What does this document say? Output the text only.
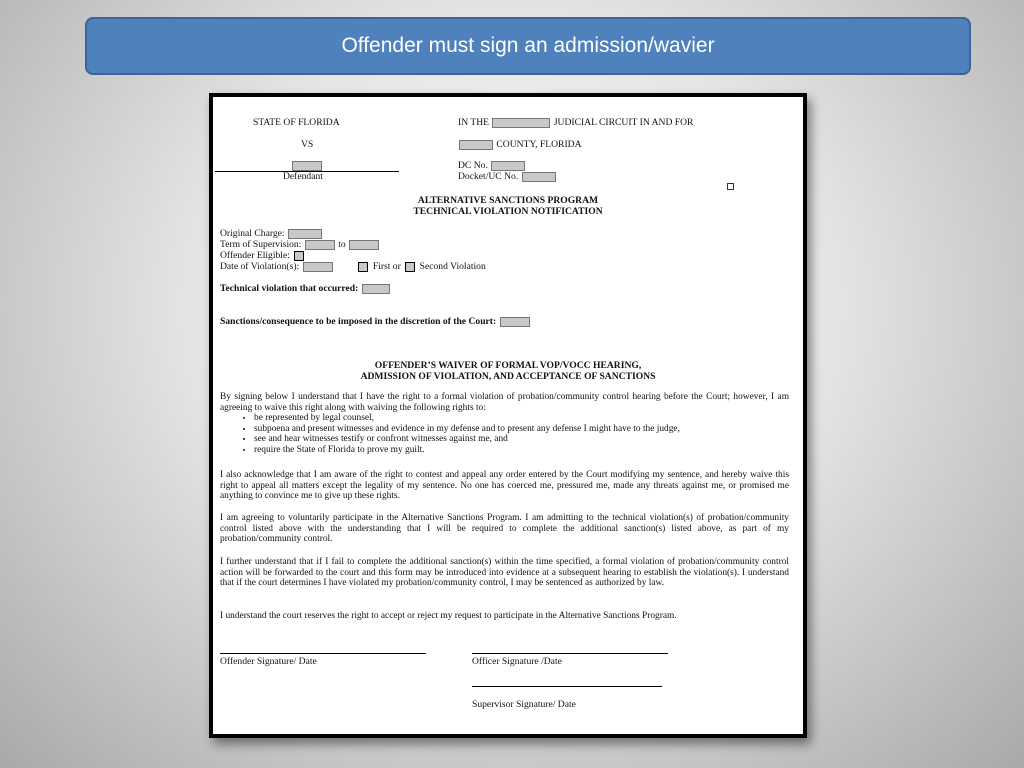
Offender must sign an admission/wavier
STATE OF FLORIDA	IN THE	JUDICIAL CIRCUIT IN AND FOR
VS	COUNTY, FLORIDA
Defendant
DC No.
Docket/UC No.
ALTERNATIVE SANCTIONS PROGRAM
TECHNICAL VIOLATION NOTIFICATION
Original Charge:
Term of Supervision:	to
Offender Eligible:
Date of Violation(s):	First or Second Violation
Technical violation that occurred:
Sanctions/consequence to be imposed in the discretion of the Court:
OFFENDER’S WAIVER OF FORMAL VOP/VOCC HEARING,
ADMISSION OF VIOLATION, AND ACCEPTANCE OF SANCTIONS
By signing below I understand that I have the right to a formal violation of probation/community control hearing before the Court; however, I am agreeing to waive this right along with waiving the following rights to:
• be represented by legal counsel,
• subpoena and present witnesses and evidence in my defense and to present any defense I might have to the judge,
• see and hear witnesses testify or confront witnesses against me, and
• require the State of Florida to prove my guilt.
I also acknowledge that I am aware of the right to contest and appeal any order entered by the Court modifying my sentence, and hereby waive this right to appeal all matters except the legality of my sentence. No one has coerced me, pressured me, made any threats against me, or promised me anything to convince me to give up these rights.
I am agreeing to voluntarily participate in the Alternative Sanctions Program. I am admitting to the technical violation(s) of probation/community control listed above with the understanding that I will be required to complete the additional sanction(s) listed above, as part of my probation/community control.
I further understand that if I fail to complete the additional sanction(s) within the time specified, a formal violation of probation/community control action will be forwarded to the court and this form may be introduced into evidence at a subsequent hearing to establish the violation(s). I understand that if the court determines I have violated my probation/community control, I may be sentenced as authorized by law.
I understand the court reserves the right to accept or reject my request to participate in the Alternative Sanctions Program.
Offender Signature/ Date	Officer Signature /Date
Supervisor Signature/ Date
